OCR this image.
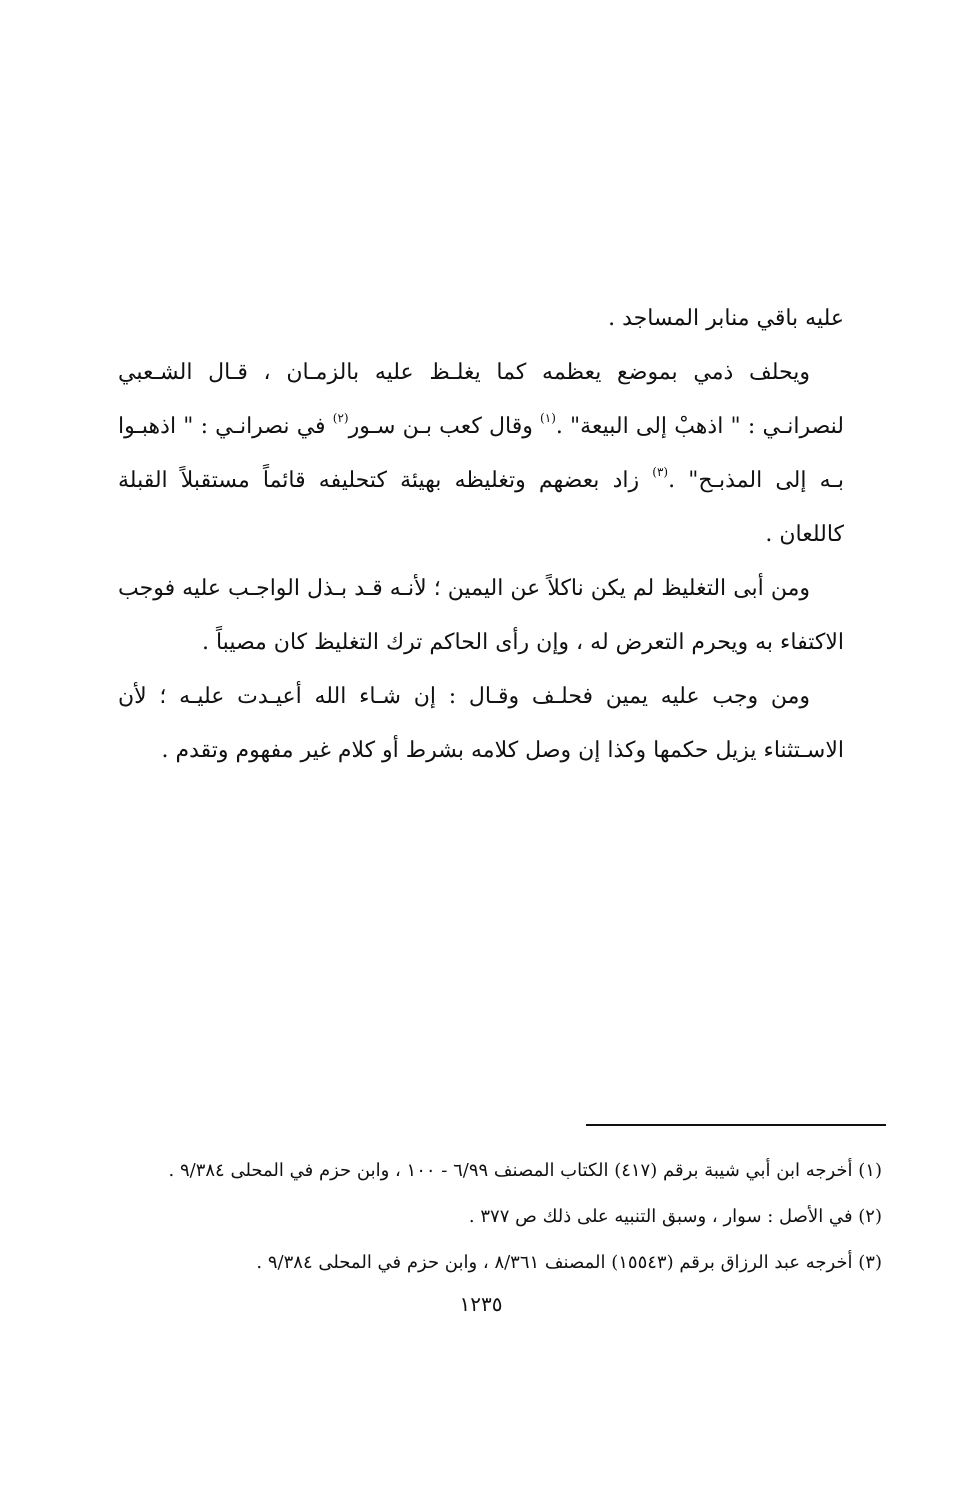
عليه باقي منابر المساجد .

ويحلف ذمي بموضع يعظمه كما يغلـظ عليه بالزمـان ، قـال الشـعبي لنصرانـي : " اذهبْ إلى البيعة" .$^{(١)}$ وقال كعب بـن سـور$^{(٢)}$ في نصرانـي : " اذهبـوا بـه إلى المذبـح" .$^{(٣)}$ زاد بعضهم وتغليظه بهيئة كتحليفه قائماً مستقبلاً القبلة كاللعان .

ومن أبى التغليظ لم يكن ناكلاً عن اليمين ؛ لأنـه قـد بـذل الواجـب عليه فوجب الاكتفاء به ويحرم التعرض له ، وإن رأى الحاكم ترك التغليظ كان مصيباً .

ومن وجب عليه يمين فحلـف وقـال : إن شـاء الله أعيـدت عليـه ؛ لأن الاسـتثناء يزيل حكمها وكذا إن وصل كلامه بشرط أو كلام غير مفهوم وتقدم .

(١) أخرجه ابن أبي شيبة برقم (٤١٧) الكتاب المصنف ٦/٩٩ - ١٠٠ ، وابن حزم في المحلى ٩/٣٨٤ .

(٢) في الأصل : سوار ، وسبق التنبيه على ذلك ص ٣٧٧ .

(٣) أخرجه عبد الرزاق برقم (١٥٥٤٣) المصنف ٨/٣٦١ ، وابن حزم في المحلى ٩/٣٨٤ .

١٢٣٥
